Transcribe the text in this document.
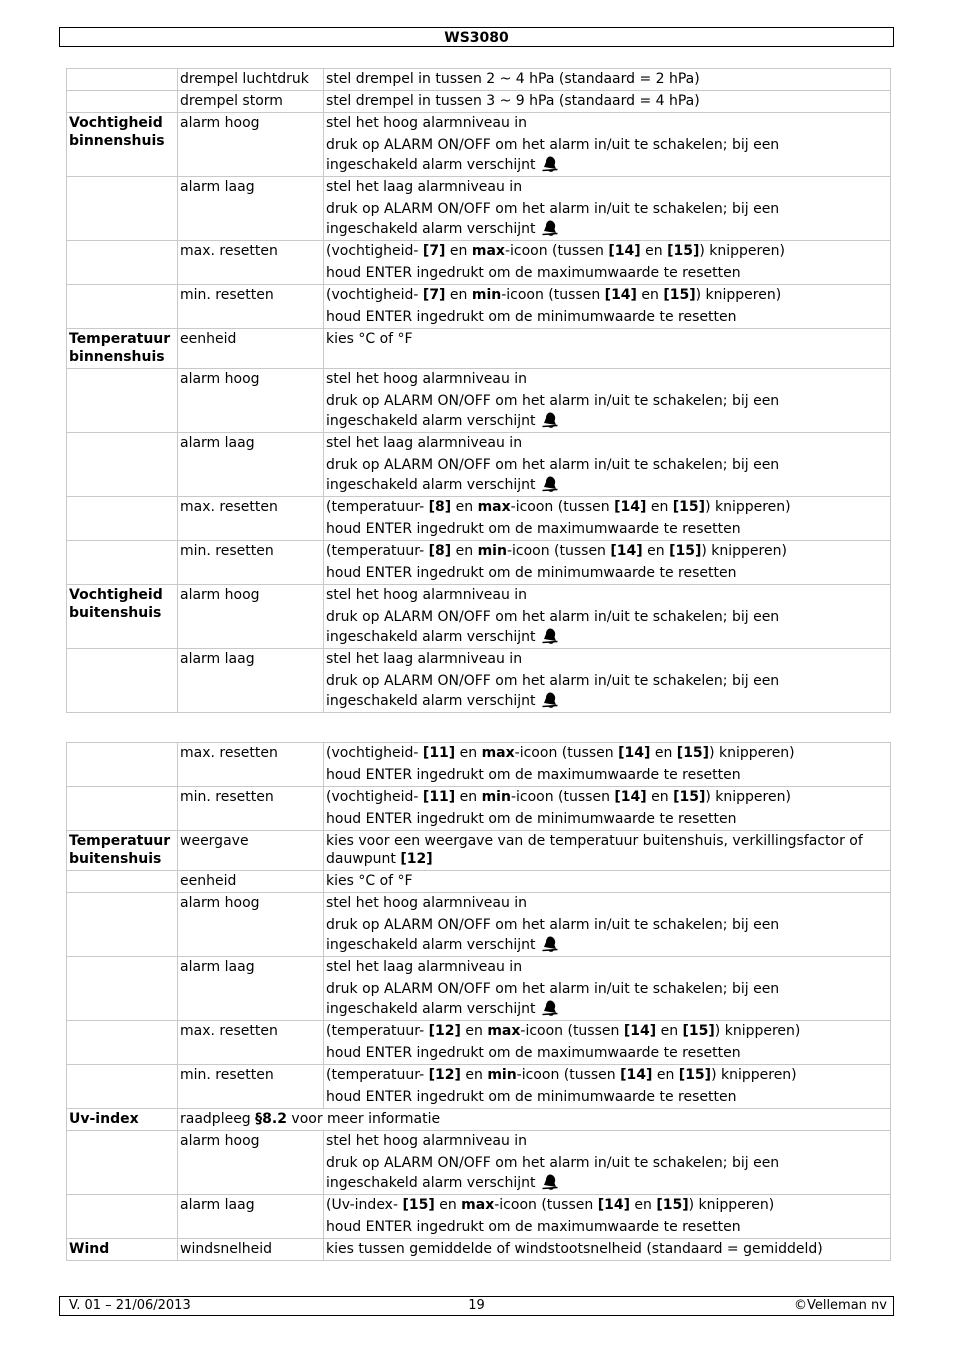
WS3080
	drempel luchtdruk	stel drempel in tussen 2 ~ 4 hPa (standaard = 2 hPa)

	drempel storm	stel drempel in tussen 3 ~ 9 hPa (standaard = 4 hPa)

Vochtigheid binnenshuis	alarm hoog	stel het hoog alarmniveau in
druk op ALARM ON/OFF om het alarm in/uit te schakelen; bij een
ingeschakeld alarm verschijnt

	alarm laag	stel het laag alarmniveau in
druk op ALARM ON/OFF om het alarm in/uit te schakelen; bij een
ingeschakeld alarm verschijnt

	max. resetten	(vochtigheid- [7] en max-icoon (tussen [14] en [15]) knipperen)
houd ENTER ingedrukt om de maximumwaarde te resetten

	min. resetten	(vochtigheid- [7] en min-icoon (tussen [14] en [15]) knipperen)
houd ENTER ingedrukt om de minimumwaarde te resetten

Temperatuur binnenshuis	eenheid	kies °C of °F

	alarm hoog	stel het hoog alarmniveau in
druk op ALARM ON/OFF om het alarm in/uit te schakelen; bij een
ingeschakeld alarm verschijnt

	alarm laag	stel het laag alarmniveau in
druk op ALARM ON/OFF om het alarm in/uit te schakelen; bij een
ingeschakeld alarm verschijnt

	max. resetten	(temperatuur- [8] en max-icoon (tussen [14] en [15]) knipperen)
houd ENTER ingedrukt om de maximumwaarde te resetten

	min. resetten	(temperatuur- [8] en min-icoon (tussen [14] en [15]) knipperen)
houd ENTER ingedrukt om de minimumwaarde te resetten

Vochtigheid buitenshuis	alarm hoog	stel het hoog alarmniveau in
druk op ALARM ON/OFF om het alarm in/uit te schakelen; bij een
ingeschakeld alarm verschijnt

	alarm laag	stel het laag alarmniveau in
druk op ALARM ON/OFF om het alarm in/uit te schakelen; bij een
ingeschakeld alarm verschijnt
	max. resetten	(vochtigheid- [11] en max-icoon (tussen [14] en [15]) knipperen)
houd ENTER ingedrukt om de maximumwaarde te resetten

	min. resetten	(vochtigheid- [11] en min-icoon (tussen [14] en [15]) knipperen)
houd ENTER ingedrukt om de minimumwaarde te resetten

Temperatuur buitenshuis	weergave	kies voor een weergave van de temperatuur buitenshuis, verkillingsfactor of dauwpunt [12]

	eenheid	kies °C of °F

	alarm hoog	stel het hoog alarmniveau in
druk op ALARM ON/OFF om het alarm in/uit te schakelen; bij een
ingeschakeld alarm verschijnt

	alarm laag	stel het laag alarmniveau in
druk op ALARM ON/OFF om het alarm in/uit te schakelen; bij een
ingeschakeld alarm verschijnt

	max. resetten	(temperatuur- [12] en max-icoon (tussen [14] en [15]) knipperen)
houd ENTER ingedrukt om de maximumwaarde te resetten

	min. resetten	(temperatuur- [12] en min-icoon (tussen [14] en [15]) knipperen)
houd ENTER ingedrukt om de minimumwaarde te resetten

Uv-index	raadpleeg §8.2 voor meer informatie	
	alarm hoog	stel het hoog alarmniveau in
druk op ALARM ON/OFF om het alarm in/uit te schakelen; bij een
ingeschakeld alarm verschijnt

	alarm laag	(Uv-index- [15] en max-icoon (tussen [14] en [15]) knipperen)
houd ENTER ingedrukt om de maximumwaarde te resetten

Wind	windsnelheid	kies tussen gemiddelde of windstootsnelheid (standaard = gemiddeld)
V. 01 – 21/06/2013	19	©Velleman nv
